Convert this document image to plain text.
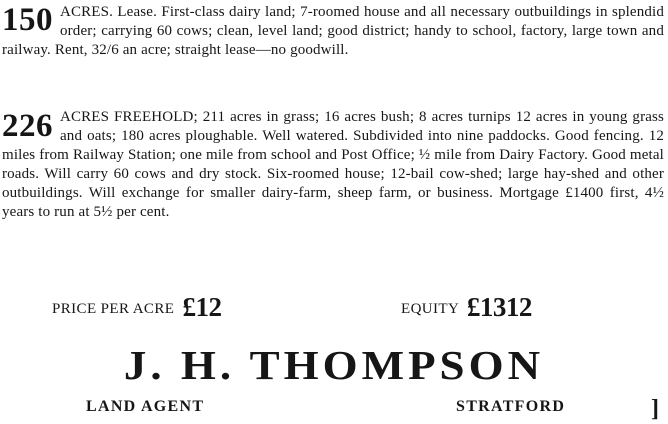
150 ACRES. Lease. First-class dairy land; 7-roomed house and all necessary outbuildings in splendid order; carrying 60 cows; clean, level land; good district; handy to school, factory, large town and railway. Rent, 32/6 an acre; straight lease—no goodwill.
226 ACRES FREEHOLD; 211 acres in grass; 16 acres bush; 8 acres turnips 12 acres in young grass and oats; 180 acres ploughable. Well watered. Subdivided into nine paddocks. Good fencing. 12 miles from Railway Station; one mile from school and Post Office; ½ mile from Dairy Factory. Good metal roads. Will carry 60 cows and dry stock. Six-roomed house; 12-bail cow-shed; large hay-shed and other outbuildings. Will exchange for smaller dairy-farm, sheep farm, or business. Mortgage £1400 first, 4½ years to run at 5½ per cent.
PRICE PER ACRE £12	EQUITY £1312
J. H. THOMPSON
LAND AGENT	STRATFORD	]
